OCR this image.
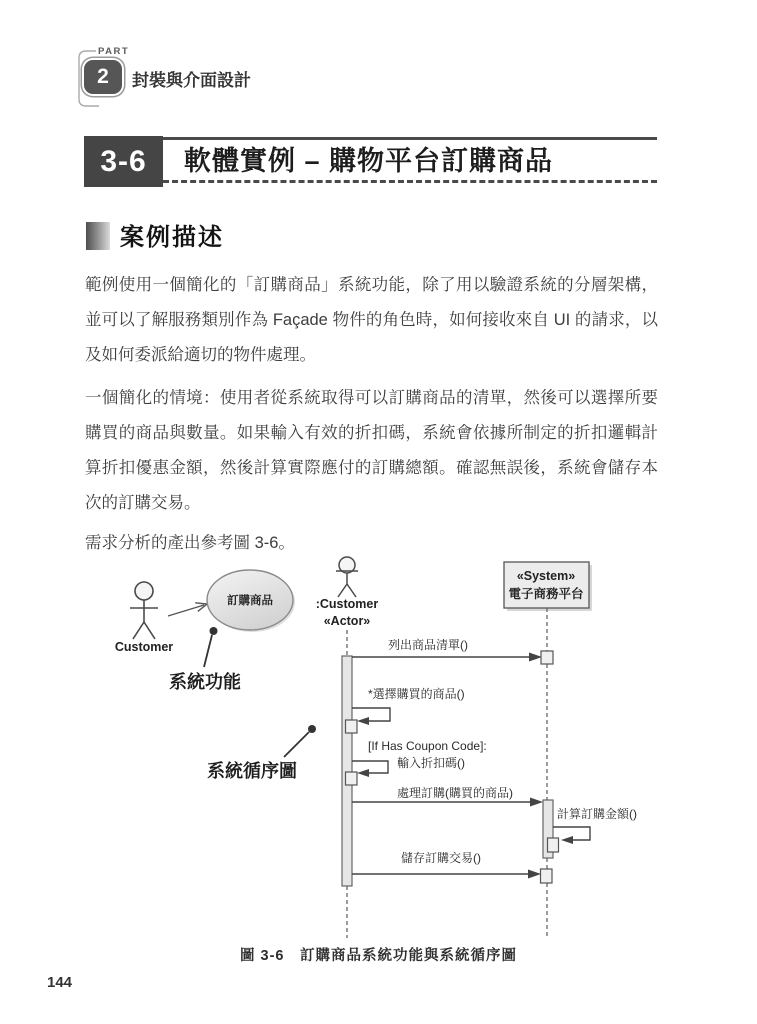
PART
2 封裝與介面設計
3-6 軟體實例 – 購物平台訂購商品
案例描述
範例使用一個簡化的「訂購商品」系統功能，除了用以驗證系統的分層架構，並可以了解服務類別作為 Façade 物件的角色時，如何接收來自 UI 的請求，以及如何委派給適切的物件處理。
一個簡化的情境：使用者從系統取得可以訂購商品的清單，然後可以選擇所要購買的商品與數量。如果輸入有效的折扣碼，系統會依據所制定的折扣邏輯計算折扣優惠金額，然後計算實際應付的訂購總額。確認無誤後，系統會儲存本次的訂購交易。
需求分析的產出參考圖 3-6。
Customer
訂購商品
系統功能
系統循序圖
:Customer
«Actor»
«System»
電子商務平台
列出商品清單()
*選擇購買的商品()
[If Has Coupon Code]:
輸入折扣碼()
處理訂購(購買的商品)
計算訂購金額()
儲存訂購交易()
圖 3-6　訂購商品系統功能與系統循序圖
144
